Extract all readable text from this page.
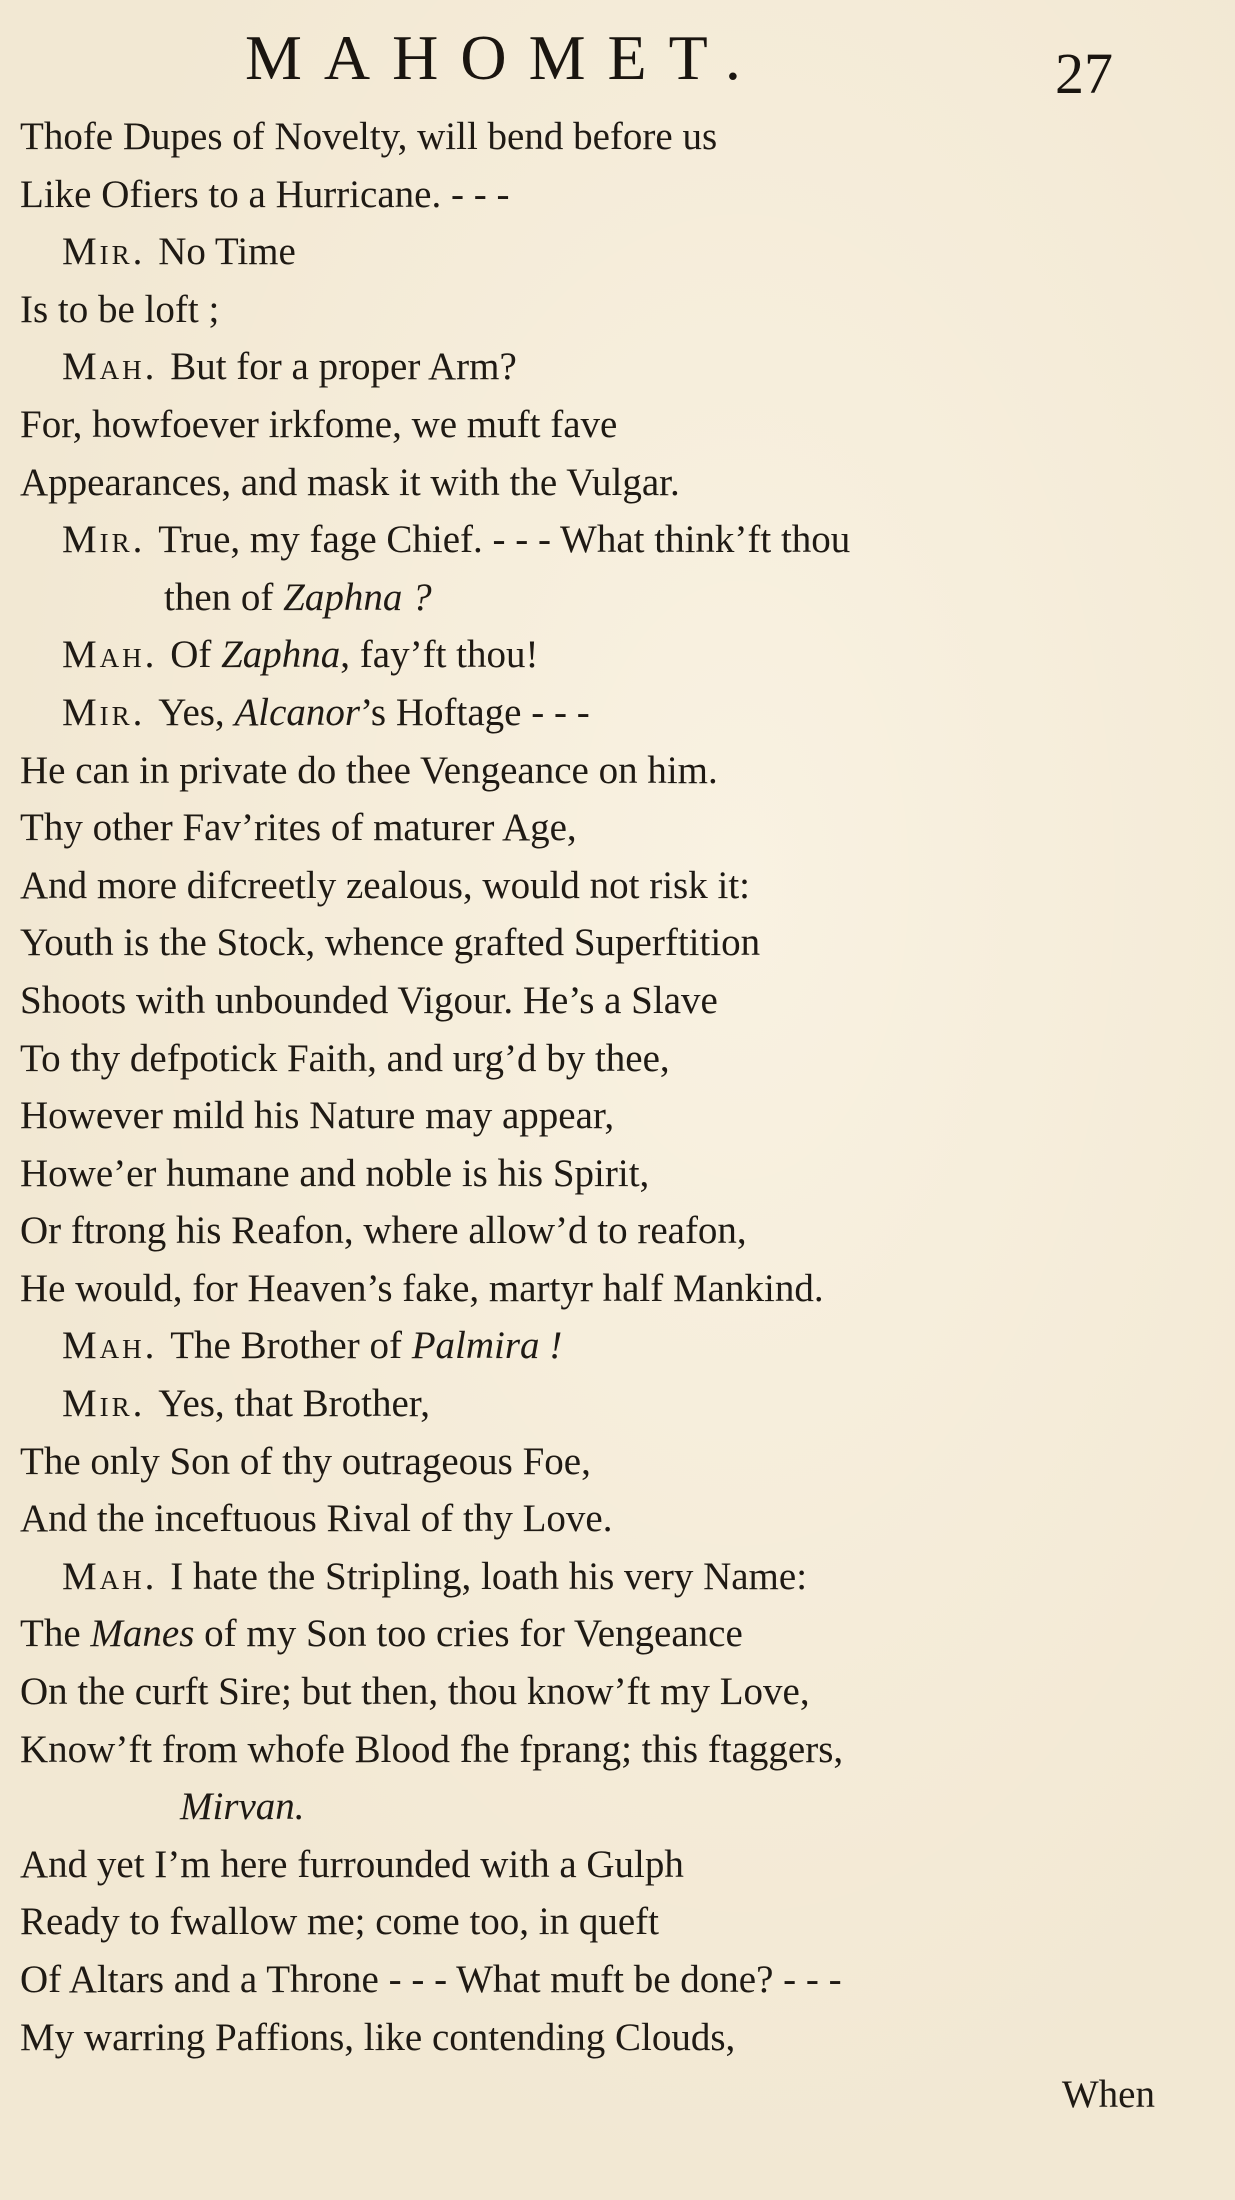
MAHOMET.	27
Thofe Dupes of Novelty, will bend before us
Like Ofiers to a Hurricane. - - -
Mir. No Time
Is to be loft ;
Mah. But for a proper Arm?
For, howfoever irkfome, we muft fave
Appearances, and mask it with the Vulgar.
Mir. True, my fage Chief. - - - What think’ft thou
then of Zaphna ?
Mah. Of Zaphna, fay’ft thou!
Mir. Yes, Alcanor’s Hoftage - - -
He can in private do thee Vengeance on him.
Thy other Fav’rites of maturer Age,
And more difcreetly zealous, would not risk it:
Youth is the Stock, whence grafted Superftition
Shoots with unbounded Vigour. He’s a Slave
To thy defpotick Faith, and urg’d by thee,
However mild his Nature may appear,
Howe’er humane and noble is his Spirit,
Or ftrong his Reafon, where allow’d to reafon,
He would, for Heaven’s fake, martyr half Mankind.
Mah. The Brother of Palmira !
Mir. Yes, that Brother,
The only Son of thy outrageous Foe,
And the inceftuous Rival of thy Love.
Mah. I hate the Stripling, loath his very Name:
The Manes of my Son too cries for Vengeance
On the curft Sire; but then, thou know’ft my Love,
Know’ft from whofe Blood fhe fprang; this ftaggers,
Mirvan.
And yet I’m here furrounded with a Gulph
Ready to fwallow me; come too, in queft
Of Altars and a Throne - - - What muft be done? - - -
My warring Paffions, like contending Clouds,
When
